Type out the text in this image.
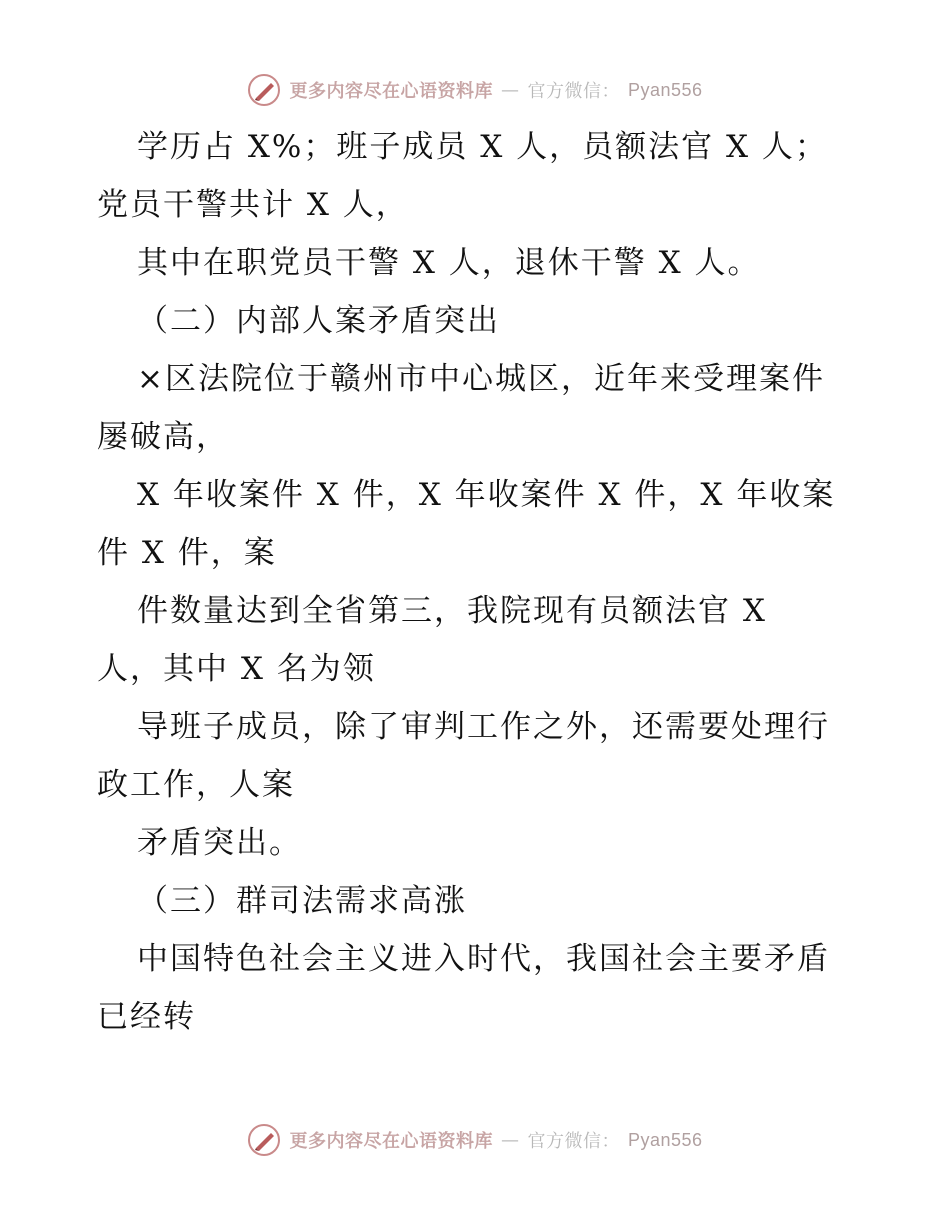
更多内容尽在心语资料库 — 官方微信： Pyan556

学历占 X%；班子成员 X 人，员额法官 X 人；

党员干警共计 X 人，

其中在职党员干警 X 人，退休干警 X 人。

（二）内部人案矛盾突出

×区法院位于赣州市中心城区，近年来受理案件

屡破高，

X 年收案件 X 件，X 年收案件 X 件，X 年收案

件 X 件，案

件数量达到全省第三，我院现有员额法官 X

人，其中 X 名为领

导班子成员，除了审判工作之外，还需要处理行

政工作，人案

矛盾突出。

（三）群司法需求高涨

中国特色社会主义进入时代，我国社会主要矛盾

已经转

更多内容尽在心语资料库 — 官方微信： Pyan556
